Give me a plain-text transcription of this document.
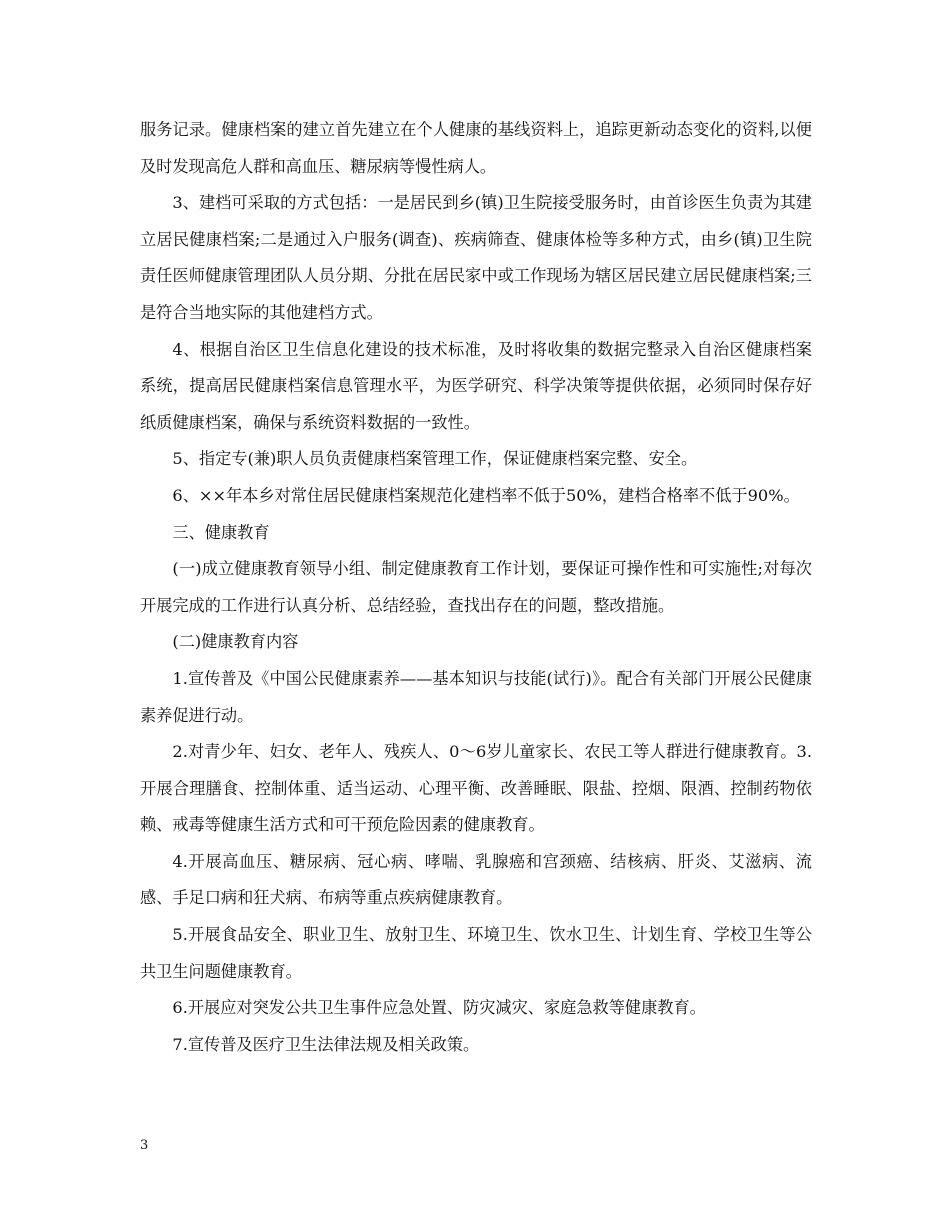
服务记录。健康档案的建立首先建立在个人健康的基线资料上，追踪更新动态变化的资料,以便及时发现高危人群和高血压、糖尿病等慢性病人。

3、建档可采取的方式包括：一是居民到乡(镇)卫生院接受服务时，由首诊医生负责为其建立居民健康档案;二是通过入户服务(调查)、疾病筛查、健康体检等多种方式，由乡(镇)卫生院责任医师健康管理团队人员分期、分批在居民家中或工作现场为辖区居民建立居民健康档案;三是符合当地实际的其他建档方式。

4、根据自治区卫生信息化建设的技术标准，及时将收集的数据完整录入自治区健康档案系统，提高居民健康档案信息管理水平，为医学研究、科学决策等提供依据，必须同时保存好纸质健康档案，确保与系统资料数据的一致性。

5、指定专(兼)职人员负责健康档案管理工作，保证健康档案完整、安全。

6、××年本乡对常住居民健康档案规范化建档率不低于50%，建档合格率不低于90%。

三、健康教育

(一)成立健康教育领导小组、制定健康教育工作计划，要保证可操作性和可实施性;对每次开展完成的工作进行认真分析、总结经验，查找出存在的问题，整改措施。

(二)健康教育内容

1.宣传普及《中国公民健康素养——基本知识与技能(试行)》。配合有关部门开展公民健康素养促进行动。

2.对青少年、妇女、老年人、残疾人、0～6岁儿童家长、农民工等人群进行健康教育。3.开展合理膳食、控制体重、适当运动、心理平衡、改善睡眠、限盐、控烟、限酒、控制药物依赖、戒毒等健康生活方式和可干预危险因素的健康教育。

4.开展高血压、糖尿病、冠心病、哮喘、乳腺癌和宫颈癌、结核病、肝炎、艾滋病、流感、手足口病和狂犬病、布病等重点疾病健康教育。

5.开展食品安全、职业卫生、放射卫生、环境卫生、饮水卫生、计划生育、学校卫生等公共卫生问题健康教育。

6.开展应对突发公共卫生事件应急处置、防灾减灾、家庭急救等健康教育。

7.宣传普及医疗卫生法律法规及相关政策。

3
